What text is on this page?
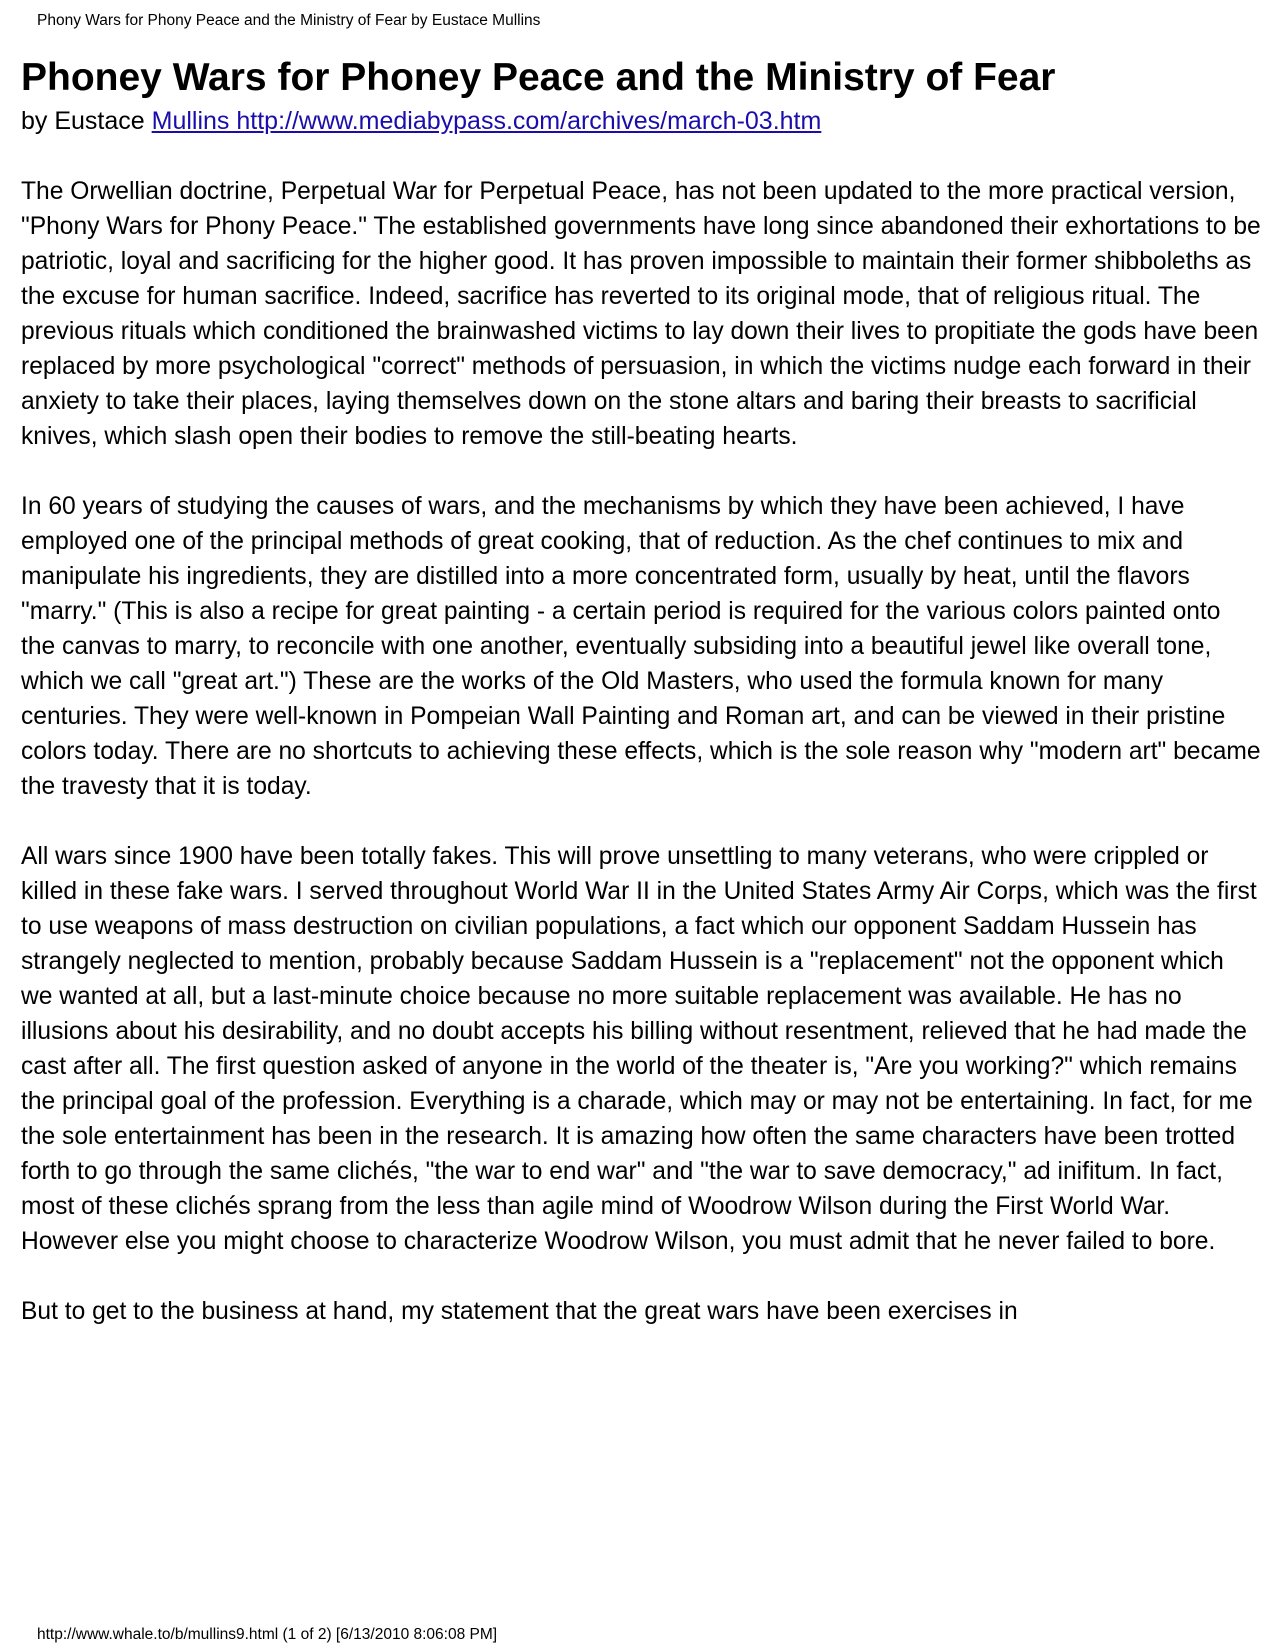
Phony Wars for Phony Peace and the Ministry of Fear by Eustace Mullins
Phoney Wars for Phoney Peace and the Ministry of Fear
by Eustace Mullins http://www.mediabypass.com/archives/march-03.htm

The Orwellian doctrine, Perpetual War for Perpetual Peace, has not been updated to the more practical version, "Phony Wars for Phony Peace." The established governments have long since abandoned their exhortations to be patriotic, loyal and sacrificing for the higher good. It has proven impossible to maintain their former shibboleths as the excuse for human sacrifice. Indeed, sacrifice has reverted to its original mode, that of religious ritual. The previous rituals which conditioned the brainwashed victims to lay down their lives to propitiate the gods have been replaced by more psychological "correct" methods of persuasion, in which the victims nudge each forward in their anxiety to take their places, laying themselves down on the stone altars and baring their breasts to sacrificial knives, which slash open their bodies to remove the still-beating hearts.

In 60 years of studying the causes of wars, and the mechanisms by which they have been achieved, I have employed one of the principal methods of great cooking, that of reduction. As the chef continues to mix and manipulate his ingredients, they are distilled into a more concentrated form, usually by heat, until the flavors "marry." (This is also a recipe for great painting - a certain period is required for the various colors painted onto the canvas to marry, to reconcile with one another, eventually subsiding into a beautiful jewel like overall tone, which we call "great art.") These are the works of the Old Masters, who used the formula known for many centuries. They were well-known in Pompeian Wall Painting and Roman art, and can be viewed in their pristine colors today. There are no shortcuts to achieving these effects, which is the sole reason why "modern art" became the travesty that it is today.

All wars since 1900 have been totally fakes. This will prove unsettling to many veterans, who were crippled or killed in these fake wars. I served throughout World War II in the United States Army Air Corps, which was the first to use weapons of mass destruction on civilian populations, a fact which our opponent Saddam Hussein has strangely neglected to mention, probably because Saddam Hussein is a "replacement" not the opponent which we wanted at all, but a last-minute choice because no more suitable replacement was available. He has no illusions about his desirability, and no doubt accepts his billing without resentment, relieved that he had made the cast after all. The first question asked of anyone in the world of the theater is, "Are you working?" which remains the principal goal of the profession. Everything is a charade, which may or may not be entertaining. In fact, for me the sole entertainment has been in the research. It is amazing how often the same characters have been trotted forth to go through the same clichés, "the war to end war" and "the war to save democracy," ad inifitum. In fact, most of these clichés sprang from the less than agile mind of Woodrow Wilson during the First World War. However else you might choose to characterize Woodrow Wilson, you must admit that he never failed to bore.

But to get to the business at hand, my statement that the great wars have been exercises in

http://www.whale.to/b/mullins9.html (1 of 2) [6/13/2010 8:06:08 PM]
